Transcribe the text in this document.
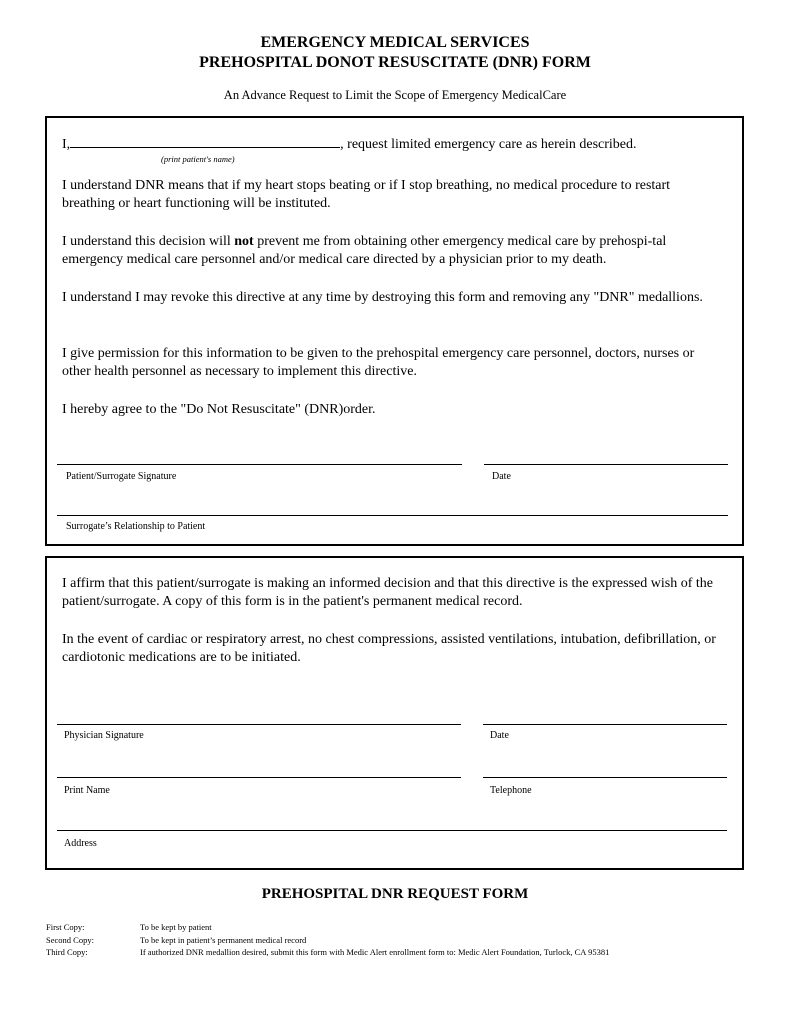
EMERGENCY MEDICAL SERVICES
PREHOSPITAL DONOT RESUSCITATE (DNR) FORM
An Advance Request to Limit the Scope of Emergency MedicalCare

I,	, request limited emergency care as herein described.

(print patient's name)

I understand DNR means that if my heart stops beating or if I stop breathing, no medical procedure to restart breathing or heart functioning will be instituted.

I understand this decision will not prevent me from obtaining other emergency medical care by prehospi-tal emergency medical care personnel and/or medical care directed by a physician prior to my death.

I understand I may revoke this directive at any time by destroying this form and removing any "DNR" medallions.

I give permission for this information to be given to the prehospital emergency care personnel, doctors, nurses or other health personnel as necessary to implement this directive.

I hereby agree to the "Do Not Resuscitate" (DNR)order.

Patient/Surrogate Signature	Date
Surrogate’s Relationship to Patient

I affirm that this patient/surrogate is making an informed decision and that this directive is the expressed wish of the patient/surrogate. A copy of this form is in the patient's permanent medical record.

In the event of cardiac or respiratory arrest, no chest compressions, assisted ventilations, intubation, defibrillation, or cardiotonic medications are to be initiated.

Physician Signature	Date
Print Name	Telephone
Address
PREHOSPITAL DNR REQUEST FORM
First Copy:	To be kept by patient
Second Copy:	To be kept in patient’s permanent medical record
Third Copy:	If authorized DNR medallion desired, submit this form with Medic Alert enrollment form to: Medic Alert Foundation, Turlock, CA 95381
